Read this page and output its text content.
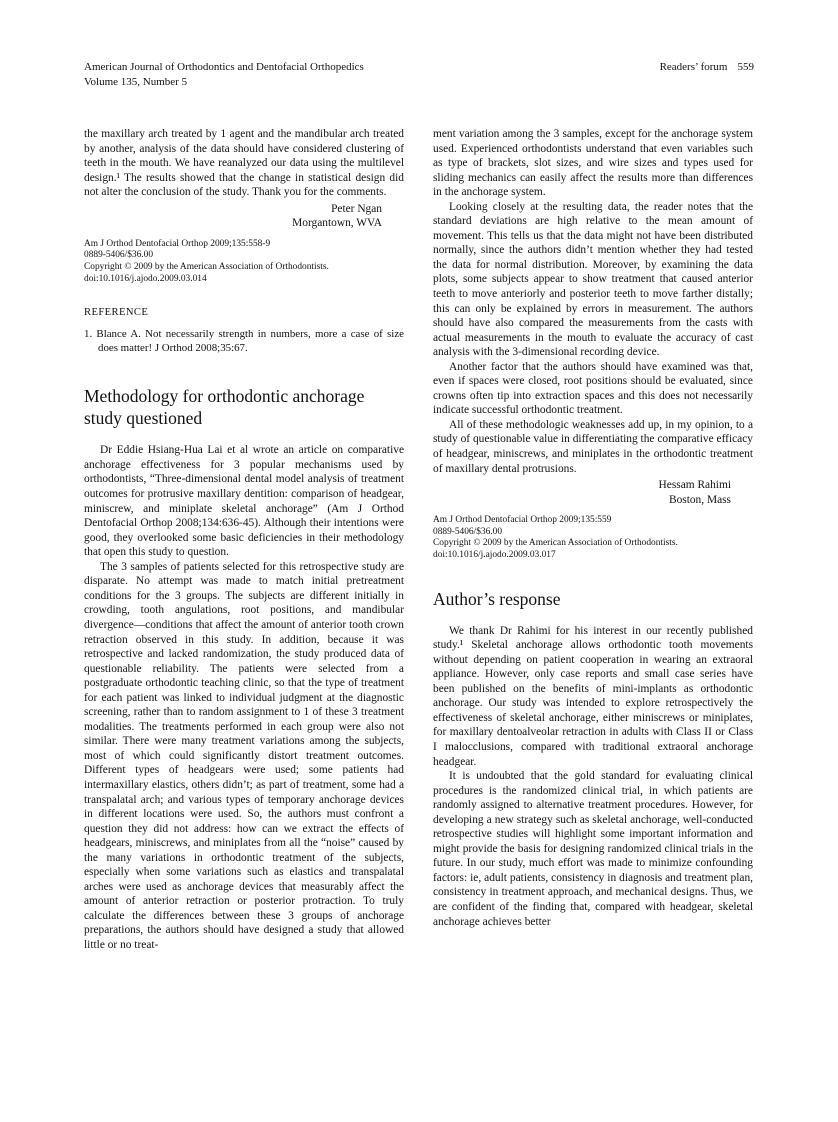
American Journal of Orthodontics and Dentofacial Orthopedics
Volume 135, Number 5
Readers’ forum 559

the maxillary arch treated by 1 agent and the mandibular arch treated by another, analysis of the data should have considered clustering of teeth in the mouth. We have reanalyzed our data using the multilevel design.¹ The results showed that the change in statistical design did not alter the conclusion of the study. Thank you for the comments.

Peter Ngan
Morgantown, WVA
Am J Orthod Dentofacial Orthop 2009;135:558-9
0889-5406/$36.00
Copyright © 2009 by the American Association of Orthodontists.
doi:10.1016/j.ajodo.2009.03.014
REFERENCE

1. Blance A. Not necessarily strength in numbers, more a case of size does matter! J Orthod 2008;35:67.

Methodology for orthodontic anchorage study questioned

Dr Eddie Hsiang-Hua Lai et al wrote an article on comparative anchorage effectiveness for 3 popular mechanisms used by orthodontists, “Three-dimensional dental model analysis of treatment outcomes for protrusive maxillary dentition: comparison of headgear, miniscrew, and miniplate skeletal anchorage” (Am J Orthod Dentofacial Orthop 2008;134:636-45). Although their intentions were good, they overlooked some basic deficiencies in their methodology that open this study to question.

The 3 samples of patients selected for this retrospective study are disparate. No attempt was made to match initial pretreatment conditions for the 3 groups. The subjects are different initially in crowding, tooth angulations, root positions, and mandibular divergence—conditions that affect the amount of anterior tooth crown retraction observed in this study. In addition, because it was retrospective and lacked randomization, the study produced data of questionable reliability. The patients were selected from a postgraduate orthodontic teaching clinic, so that the type of treatment for each patient was linked to individual judgment at the diagnostic screening, rather than to random assignment to 1 of these 3 treatment modalities. The treatments performed in each group were also not similar. There were many treatment variations among the subjects, most of which could significantly distort treatment outcomes. Different types of headgears were used; some patients had intermaxillary elastics, others didn’t; as part of treatment, some had a transpalatal arch; and various types of temporary anchorage devices in different locations were used. So, the authors must confront a question they did not address: how can we extract the effects of headgears, miniscrews, and miniplates from all the “noise” caused by the many variations in orthodontic treatment of the subjects, especially when some variations such as elastics and transpalatal arches were used as anchorage devices that measurably affect the amount of anterior retraction or posterior protraction. To truly calculate the differences between these 3 groups of anchorage preparations, the authors should have designed a study that allowed little or no treat-

ment variation among the 3 samples, except for the anchorage system used. Experienced orthodontists understand that even variables such as type of brackets, slot sizes, and wire sizes and types used for sliding mechanics can easily affect the results more than differences in the anchorage system.

Looking closely at the resulting data, the reader notes that the standard deviations are high relative to the mean amount of movement. This tells us that the data might not have been distributed normally, since the authors didn’t mention whether they had tested the data for normal distribution. Moreover, by examining the data plots, some subjects appear to show treatment that caused anterior teeth to move anteriorly and posterior teeth to move farther distally; this can only be explained by errors in measurement. The authors should have also compared the measurements from the casts with actual measurements in the mouth to evaluate the accuracy of cast analysis with the 3-dimensional recording device.

Another factor that the authors should have examined was that, even if spaces were closed, root positions should be evaluated, since crowns often tip into extraction spaces and this does not necessarily indicate successful orthodontic treatment.

All of these methodologic weaknesses add up, in my opinion, to a study of questionable value in differentiating the comparative efficacy of headgear, miniscrews, and miniplates in the orthodontic treatment of maxillary dental protrusions.

Hessam Rahimi
Boston, Mass
Am J Orthod Dentofacial Orthop 2009;135:559
0889-5406/$36.00
Copyright © 2009 by the American Association of Orthodontists.
doi:10.1016/j.ajodo.2009.03.017
Author’s response

We thank Dr Rahimi for his interest in our recently published study.¹ Skeletal anchorage allows orthodontic tooth movements without depending on patient cooperation in wearing an extraoral appliance. However, only case reports and small case series have been published on the benefits of mini-implants as orthodontic anchorage. Our study was intended to explore retrospectively the effectiveness of skeletal anchorage, either miniscrews or miniplates, for maxillary dentoalveolar retraction in adults with Class II or Class I malocclusions, compared with traditional extraoral anchorage headgear.

It is undoubted that the gold standard for evaluating clinical procedures is the randomized clinical trial, in which patients are randomly assigned to alternative treatment procedures. However, for developing a new strategy such as skeletal anchorage, well-conducted retrospective studies will highlight some important information and might provide the basis for designing randomized clinical trials in the future. In our study, much effort was made to minimize confounding factors: ie, adult patients, consistency in diagnosis and treatment plan, consistency in treatment approach, and mechanical designs. Thus, we are confident of the finding that, compared with headgear, skeletal anchorage achieves better
